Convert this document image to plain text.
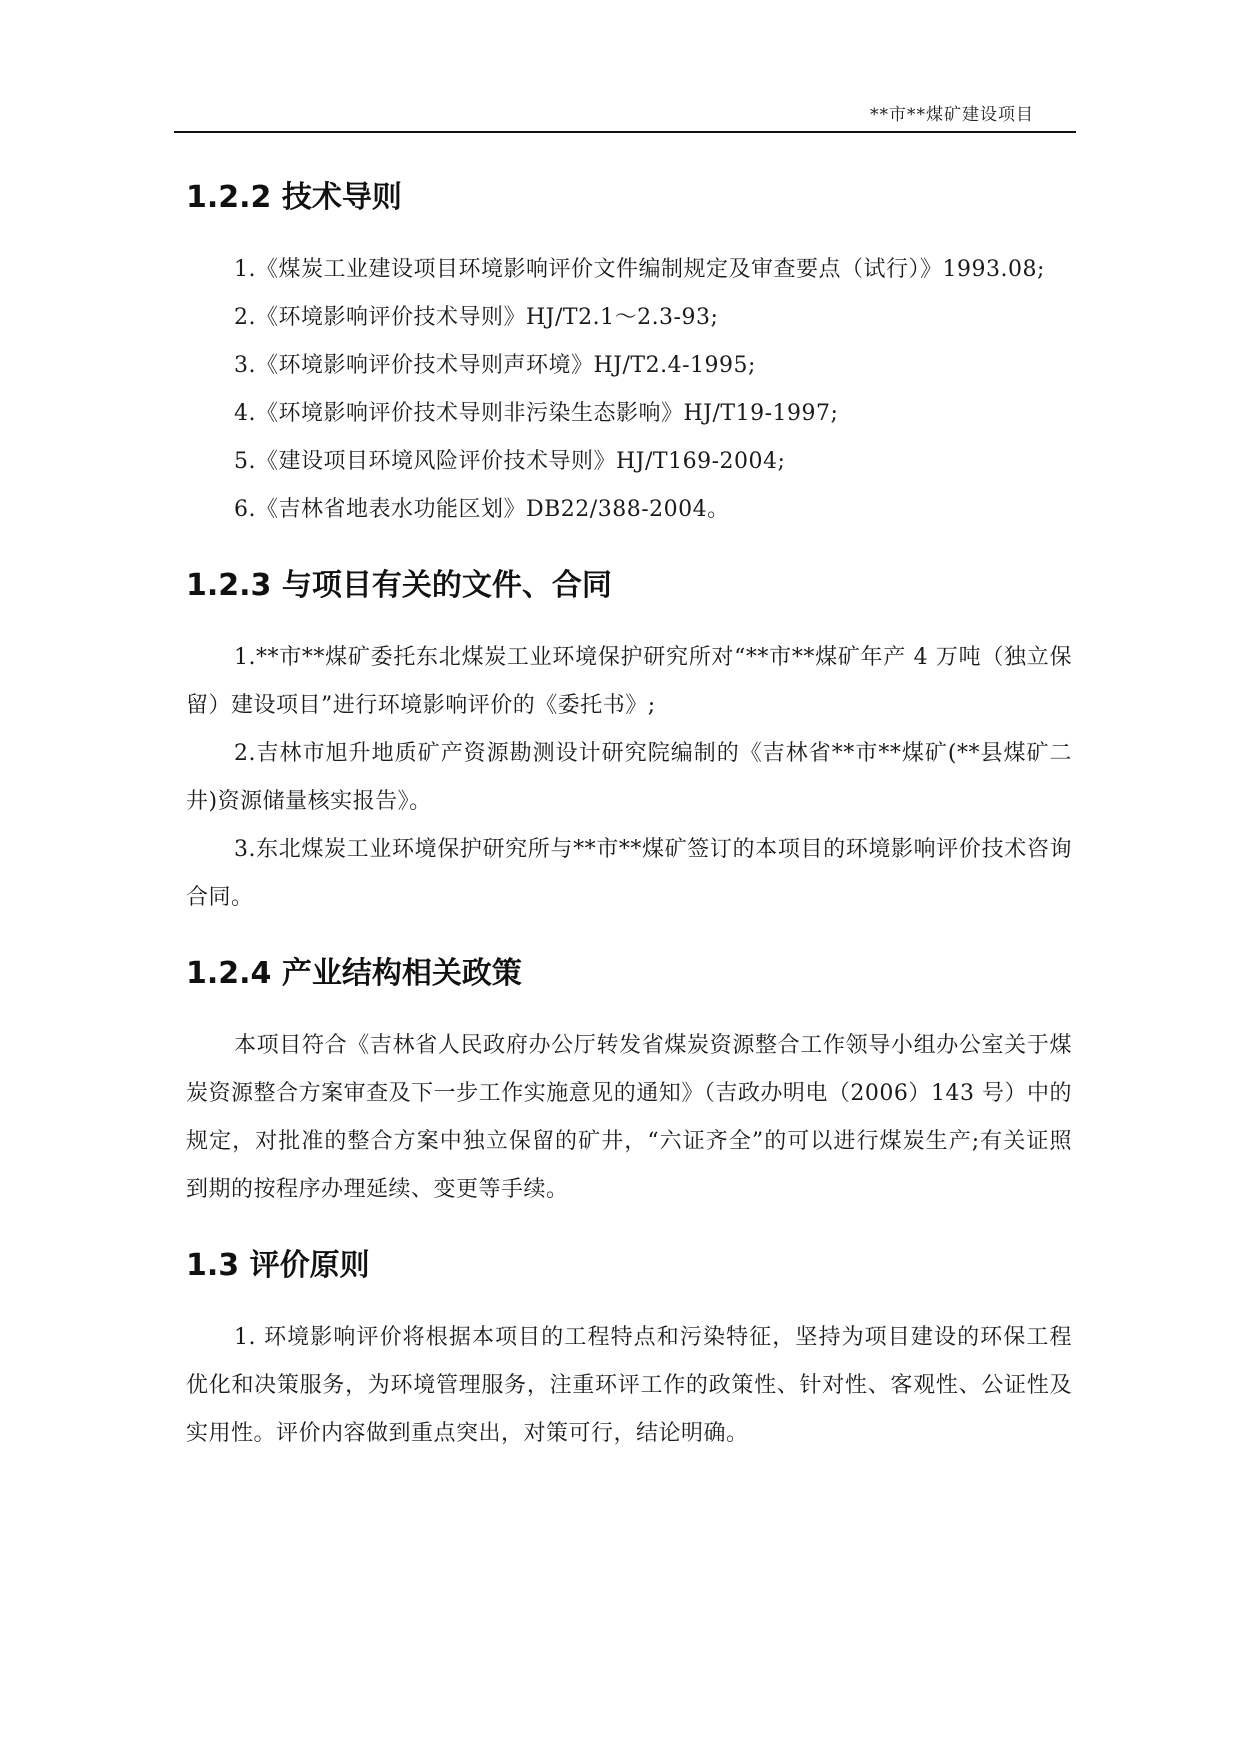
**市**煤矿建设项目
1.2.2 技术导则

1.《煤炭工业建设项目环境影响评价文件编制规定及审查要点（试行）》1993.08;

2.《环境影响评价技术导则》HJ/T2.1～2.3-93;

3.《环境影响评价技术导则声环境》HJ/T2.4-1995;

4.《环境影响评价技术导则非污染生态影响》HJ/T19-1997;

5.《建设项目环境风险评价技术导则》HJ/T169-2004;

6.《吉林省地表水功能区划》DB22/388-2004。

1.2.3 与项目有关的文件、合同

1.**市**煤矿委托东北煤炭工业环境保护研究所对“**市**煤矿年产 4 万吨（独立保留）建设项目”进行环境影响评价的《委托书》;

2.吉林市旭升地质矿产资源勘测设计研究院编制的《吉林省**市**煤矿(**县煤矿二井)资源储量核实报告》。

3.东北煤炭工业环境保护研究所与**市**煤矿签订的本项目的环境影响评价技术咨询合同。

1.2.4 产业结构相关政策

本项目符合《吉林省人民政府办公厅转发省煤炭资源整合工作领导小组办公室关于煤炭资源整合方案审查及下一步工作实施意见的通知》（吉政办明电（2006）143 号）中的规定，对批准的整合方案中独立保留的矿井，“六证齐全”的可以进行煤炭生产;有关证照到期的按程序办理延续、变更等手续。

1.3 评价原则

1. 环境影响评价将根据本项目的工程特点和污染特征，坚持为项目建设的环保工程优化和决策服务，为环境管理服务，注重环评工作的政策性、针对性、客观性、公证性及实用性。评价内容做到重点突出，对策可行，结论明确。
